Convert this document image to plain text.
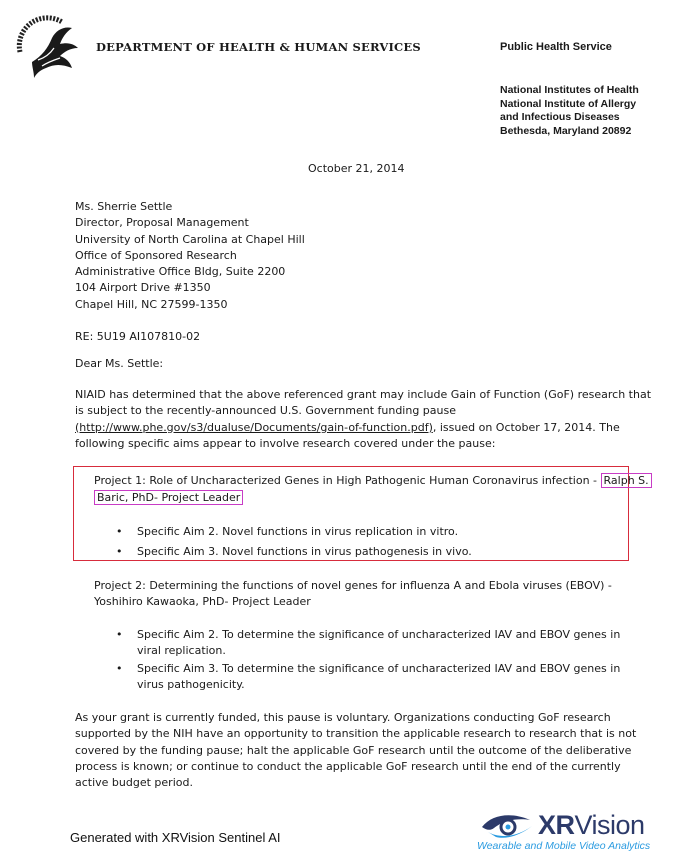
DEPARTMENT OF HEALTH & HUMAN SERVICES	Public Health Service
National Institutes of Health
National Institute of Allergy
and Infectious Diseases
Bethesda, Maryland 20892
October 21, 2014
Ms. Sherrie Settle
Director, Proposal Management
University of North Carolina at Chapel Hill
Office of Sponsored Research
Administrative Office Bldg, Suite 2200
104 Airport Drive #1350
Chapel Hill, NC 27599-1350
RE: 5U19 AI107810-02
Dear Ms. Settle:
NIAID has determined that the above referenced grant may include Gain of Function (GoF) research that
is subject to the recently-announced U.S. Government funding pause
(http://www.phe.gov/s3/dualuse/Documents/gain-of-function.pdf), issued on October 17, 2014. The
following specific aims appear to involve research covered under the pause:
Project 1: Role of Uncharacterized Genes in High Pathogenic Human Coronavirus infection - Ralph S.
Baric, PhD- Project Leader
• Specific Aim 2. Novel functions in virus replication in vitro.
• Specific Aim 3. Novel functions in virus pathogenesis in vivo.
Project 2: Determining the functions of novel genes for influenza A and Ebola viruses (EBOV) - Yoshihiro Kawaoka, PhD- Project Leader
• Specific Aim 2. To determine the significance of uncharacterized IAV and EBOV genes in viral replication.
• Specific Aim 3. To determine the significance of uncharacterized IAV and EBOV genes in virus pathogenicity.
As your grant is currently funded, this pause is voluntary. Organizations conducting GoF research
supported by the NIH have an opportunity to transition the applicable research to research that is not
covered by the funding pause; halt the applicable GoF research until the outcome of the deliberative
process is known; or continue to conduct the applicable GoF research until the end of the currently
active budget period.
Generated with XRVision Sentinel AI	XRVision
Wearable and Mobile Video Analytics
